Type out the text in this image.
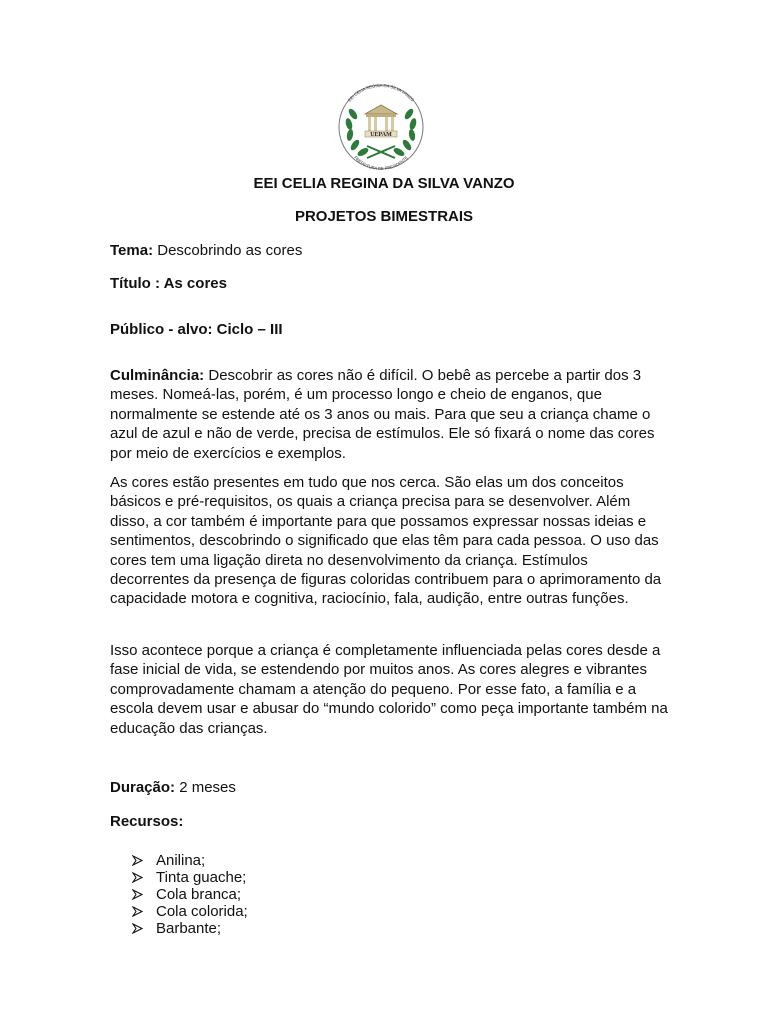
UEPAM
EEI CELIA REGINA DA SILVA VANZO
PREFEITURA DE PRESIDENTE
EEI CELIA REGINA DA SILVA VANZO
PROJETOS BIMESTRAIS
Tema: Descobrindo as cores
Título : As cores
Público - alvo: Ciclo – III

Culminância: Descobrir as cores não é difícil. O bebê as percebe a partir dos 3 meses. Nomeá-las, porém, é um processo longo e cheio de enganos, que normalmente se estende até os 3 anos ou mais. Para que seu a criança chame o azul de azul e não de verde, precisa de estímulos. Ele só fixará o nome das cores por meio de exercícios e exemplos.

As cores estão presentes em tudo que nos cerca. São elas um dos conceitos básicos e pré-requisitos, os quais a criança precisa para se desenvolver. Além disso, a cor também é importante para que possamos expressar nossas ideias e sentimentos, descobrindo o significado que elas têm para cada pessoa. O uso das cores tem uma ligação direta no desenvolvimento da criança. Estímulos decorrentes da presença de figuras coloridas contribuem para o aprimoramento da capacidade motora e cognitiva, raciocínio, fala, audição, entre outras funções.

Isso acontece porque a criança é completamente influenciada pelas cores desde a fase inicial de vida, se estendendo por muitos anos. As cores alegres e vibrantes comprovadamente chamam a atenção do pequeno. Por esse fato, a família e a escola devem usar e abusar do “mundo colorido” como peça importante também na educação das crianças.

Duração: 2 meses
Recursos:
Anilina;
Tinta guache;
Cola branca;
Cola colorida;
Barbante;
